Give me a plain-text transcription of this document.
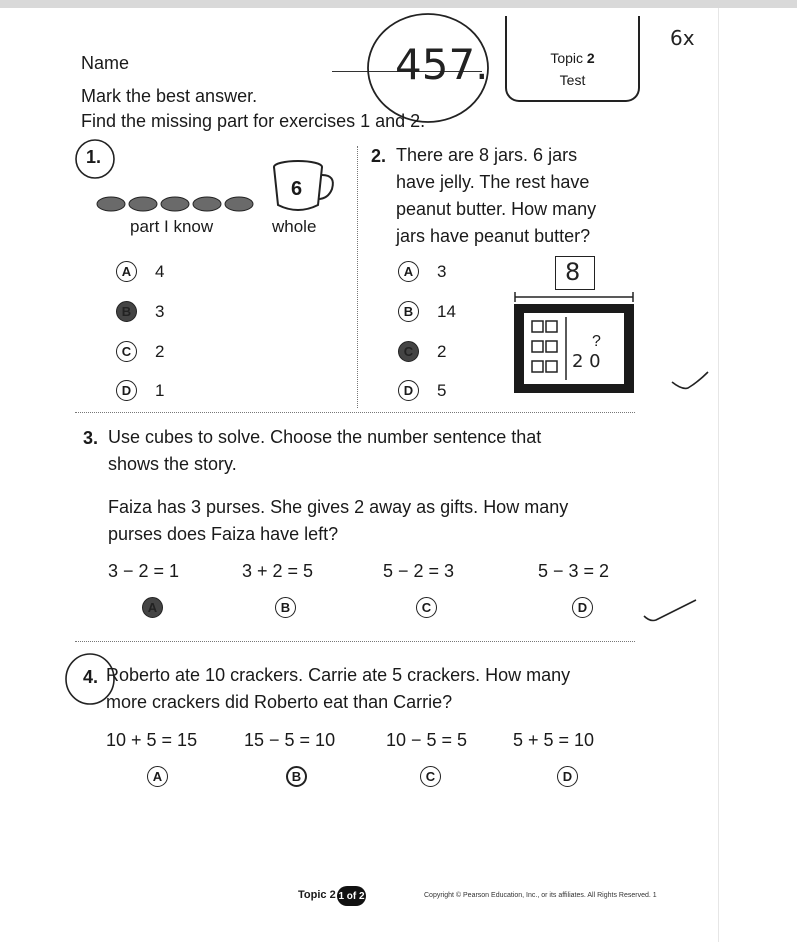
Name	457.
6x
Topic 2
Test
Mark the best answer.
Find the missing part for exercises 1 and 2.
1.
6
part I know	whole
A	4
B	3
C	2
D	1
2. There are 8 jars. 6 jars
have jelly. The rest have
peanut butter. How many
jars have peanut butter?
A	3
B	14
C	2
D	5
8
?
2 0
3. Use cubes to solve. Choose the number sentence that
shows the story.
Faiza has 3 purses. She gives 2 away as gifts. How many
purses does Faiza have left?
3 − 2 = 1	3 + 2 = 5	5 − 2 = 3	5 − 3 = 2
A	B	C	D
4. Roberto ate 10 crackers. Carrie ate 5 crackers. How many
more crackers did Roberto eat than Carrie?
10 + 5 = 15	15 − 5 = 10	10 − 5 = 5	5 + 5 = 10
A	B	C	D
Topic 2 1 of 2	Copyright © Pearson Education, Inc., or its affiliates. All Rights Reserved. 1
